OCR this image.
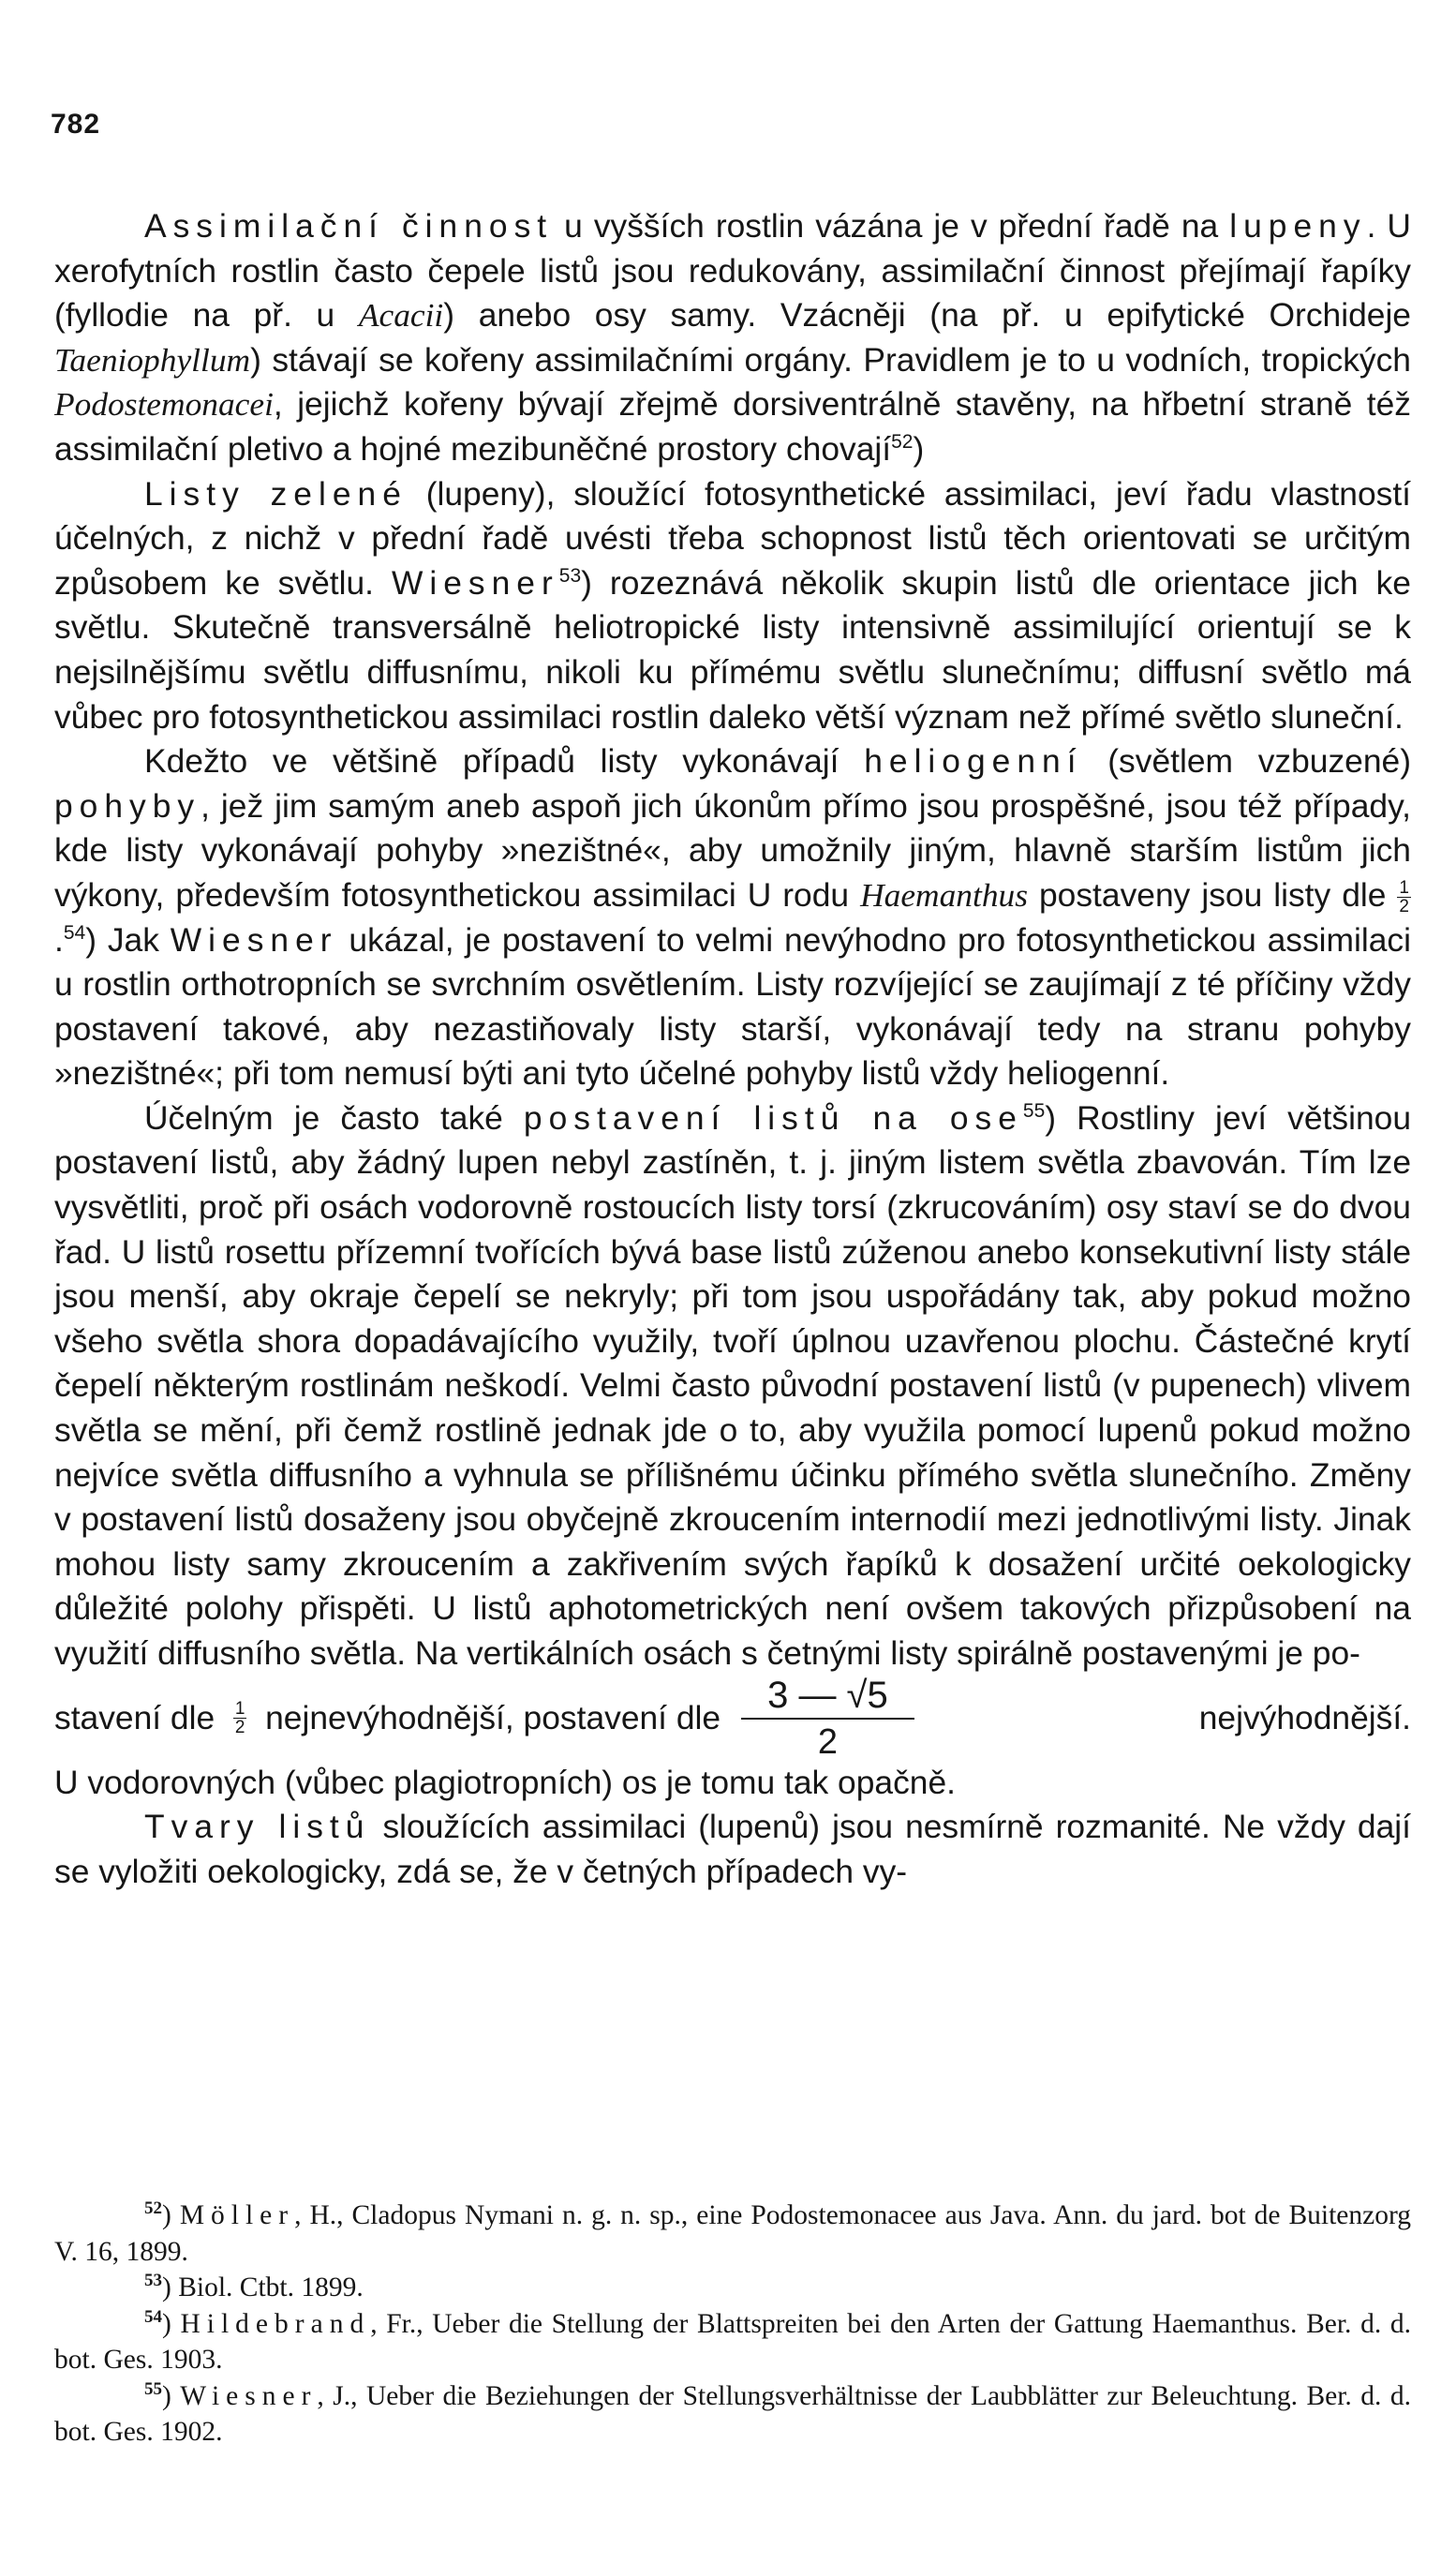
782

Assimilační činnost u vyšších rostlin vázána je v přední řadě na lupeny. U xerofytních rostlin často čepele listů jsou redukovány, assimilační činnost přejímají řapíky (fyllodie na př. u Acacii) anebo osy samy. Vzácněji (na př. u epifytické Orchideje Taeniophyllum) stávají se kořeny assimilačními orgány. Pravidlem je to u vodních, tropických Podostemonacei, jejichž kořeny bývají zřejmě dorsiventrálně stavěny, na hřbetní straně též assimilační pletivo a hojné mezibuněčné prostory chovají$^{52}$)

Listy zelené (lupeny), sloužící fotosynthetické assimilaci, jeví řadu vlastností účelných, z nichž v přední řadě uvésti třeba schopnost listů těch orientovati se určitým způsobem ke světlu. Wiesner$^{53}$) rozeznává několik skupin listů dle orientace jich ke světlu. Skutečně transversálně heliotropické listy intensivně assimilující orientují se k nejsilnějšímu světlu diffusnímu, nikoli ku přímému světlu slunečnímu; diffusní světlo má vůbec pro fotosynthetickou assimilaci rostlin daleko větší význam než přímé světlo sluneční.

Kdežto ve většině případů listy vykonávají heliogenní (světlem vzbuzené) pohyby, jež jim samým aneb aspoň jich úkonům přímo jsou prospěšné, jsou též případy, kde listy vykonávají pohyby »nezištné«, aby umožnily jiným, hlavně starším listům jich výkony, především fotosynthetickou assimilaci U rodu Haemanthus postaveny jsou listy dle $\frac{1}{2}$
.$^{54}$) Jak Wiesner ukázal, je postavení to velmi nevýhodno pro fotosynthetickou assimilaci u rostlin orthotropních se svrchním osvětlením. Listy rozvíjející se zaujímají z té příčiny vždy postavení takové, aby nezastiňovaly listy starší, vykonávají tedy na stranu pohyby »nezištné«; při tom nemusí býti ani tyto účelné pohyby listů vždy heliogenní.

Účelným je často také postavení listů na ose$^{55}$) Rostliny jeví většinou postavení listů, aby žádný lupen nebyl zastíněn, t. j. jiným listem světla zbavován. Tím lze vysvětliti, proč při osách vodorovně rostoucích listy torsí (zkrucováním) osy staví se do dvou řad. U listů rosettu přízemní tvořících bývá base listů zúženou anebo konsekutivní listy stále jsou menší, aby okraje čepelí se nekryly; při tom jsou uspořádány tak, aby pokud možno všeho světla shora dopadávajícího využily, tvoří úplnou uzavřenou plochu. Částečné krytí čepelí některým rostlinám neškodí. Velmi často původní postavení listů (v pupenech) vlivem světla se mění, při čemž rostlině jednak jde o to, aby využila pomocí lupenů pokud možno nejvíce světla diffusního a vyhnula se přílišnému účinku přímého světla slunečního. Změny v postavení listů dosaženy jsou obyčejně zkroucením internodií mezi jednotlivými listy. Jinak mohou listy samy zkroucením a zakřivením svých řapíků k dosažení určité oekologicky důležité polohy přispěti. U listů aphotometrických není ovšem takových přizpůsobení na využití diffusního světla. Na vertikálních osách s četnými listy spirálně postavenými je po-

stavení dle
$\frac{1}{2}$
nejnevýhodnější, postavení dle
3 — √5
2
nejvýhodnější.

U vodorovných (vůbec plagiotropních) os je tomu tak opačně.

Tvary listů sloužících assimilaci (lupenů) jsou nesmírně rozmanité. Ne vždy dají se vyložiti oekologicky, zdá se, že v četných případech vy-

$^{52}$) Möller, H., Cladopus Nymani n. g. n. sp., eine Podostemonacee aus Java. Ann. du jard. bot de Buitenzorg V. 16, 1899.

$^{53}$) Biol. Ctbt. 1899.

$^{54}$) Hildebrand, Fr., Ueber die Stellung der Blattspreiten bei den Arten der Gattung Haemanthus. Ber. d. d. bot. Ges. 1903.

$^{55}$) Wiesner, J., Ueber die Beziehungen der Stellungsverhältnisse der Laubblätter zur Beleuchtung. Ber. d. d. bot. Ges. 1902.
